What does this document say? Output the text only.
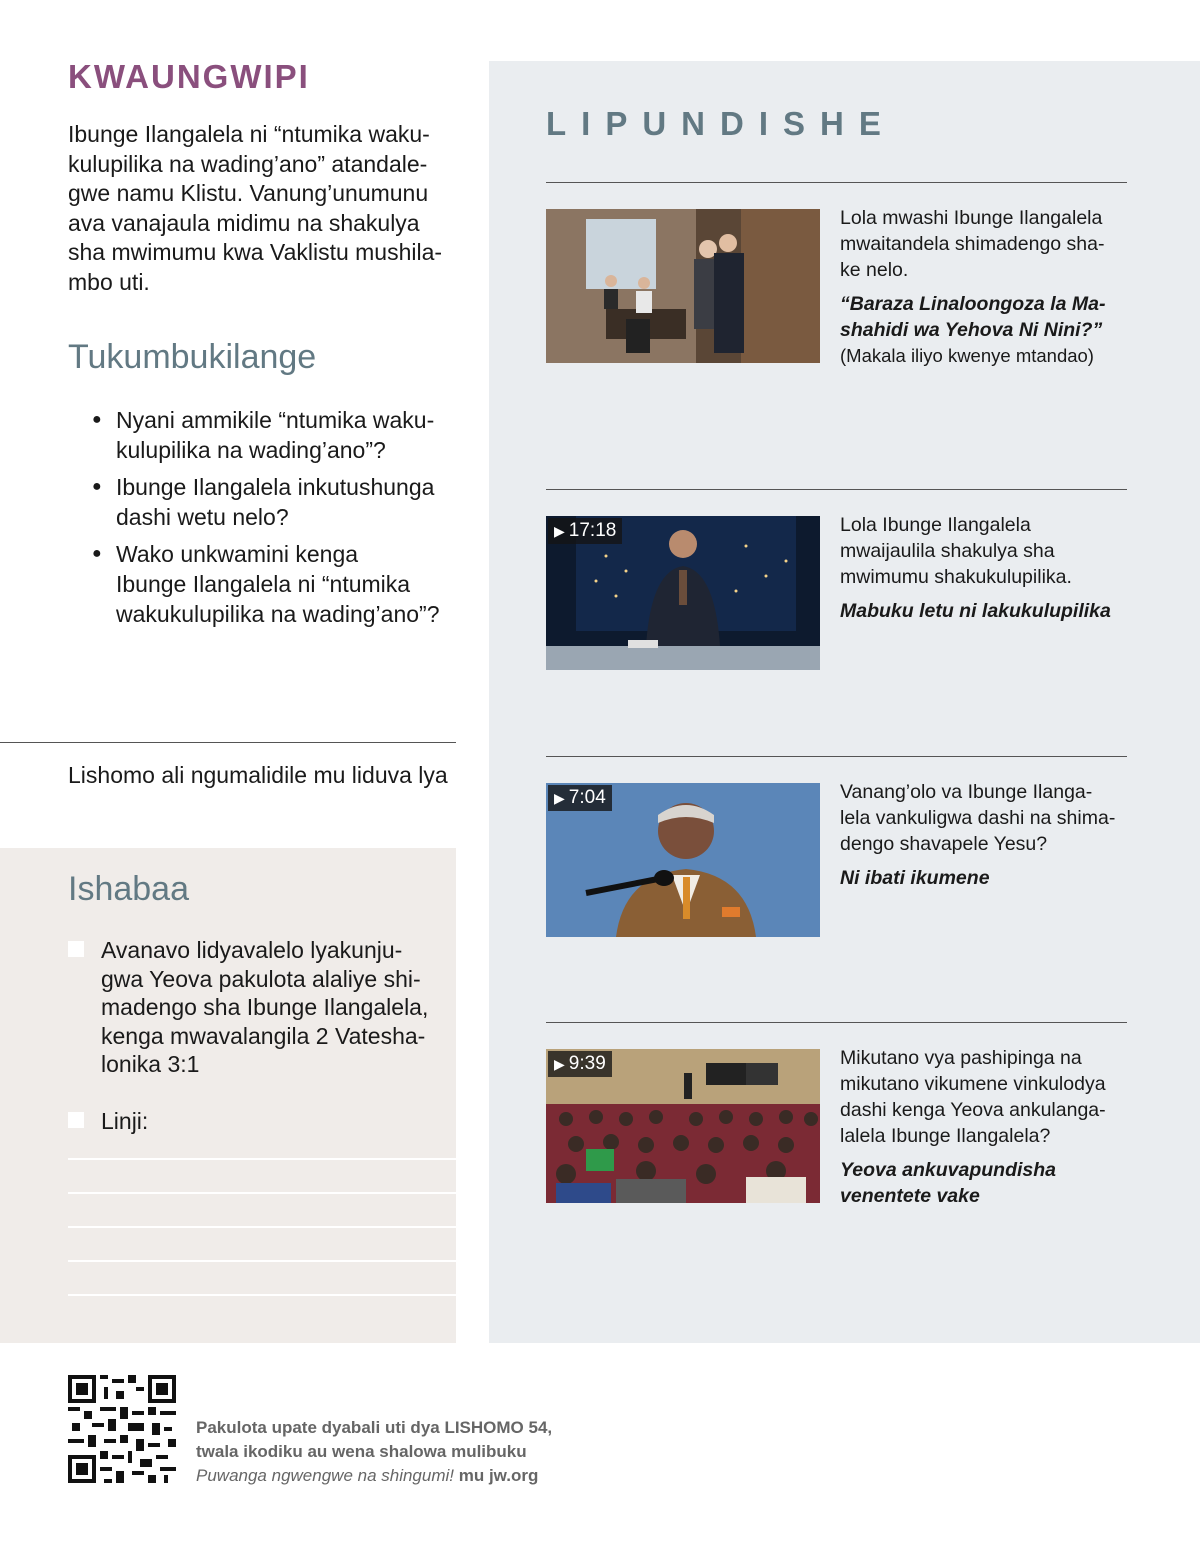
KWAUNGWIPI
Ibunge Ilangalela ni “ntumika waku-
kulupilika na wading’ano” atandale-
gwe namu Klistu. Vanung’unumunu
ava vanajaula midimu na shakulya
sha mwimumu kwa Vaklistu mushila-
mbo uti.
Tukumbukilange
● Nyani ammikile “ntumika waku-
kulupilika na wading’ano”?
● Ibunge Ilangalela inkutushunga
dashi wetu nelo?
● Wako unkwamini kenga
Ibunge Ilangalela ni “ntumika
wakukulupilika na wading’ano”?
Lishomo ali ngumalidile mu liduva lya
Ishabaa
Avanavo lidyavalelo lyakunju-
gwa Yeova pakulota alaliye shi-
madengo sha Ibunge Ilangalela,
kenga mwavalangila 2 Vatesha-
lonika 3:1
Linji:
LIPUNDISHE
Lola mwashi Ibunge Ilangalela
mwaitandela shimadengo sha-
ke nelo.
“Baraza Linaloongoza la Ma-
shahidi wa Yehova Ni Nini?”
(Makala iliyo kwenye mtandao)
▶ 17:18	Lola Ibunge Ilangalela
mwaijaulila shakulya sha
mwimumu shakukulupilika.
Mabuku letu ni lakukulupilika
▶ 7:04	Vanang’olo va Ibunge Ilanga-
lela vankuligwa dashi na shima-
dengo shavapele Yesu?
Ni ibati ikumene
▶ 9:39	Mikutano vya pashipinga na
mikutano vikumene vinkulodya
dashi kenga Yeova ankulanga-
lalela Ibunge Ilangalela?
Yeova ankuvapundisha
venentete vake
Pakulota upate dyabali uti dya LISHOMO 54,
twala ikodiku au wena shalowa mulibuku
Puwanga ngwengwe na shingumi! mu jw.org
